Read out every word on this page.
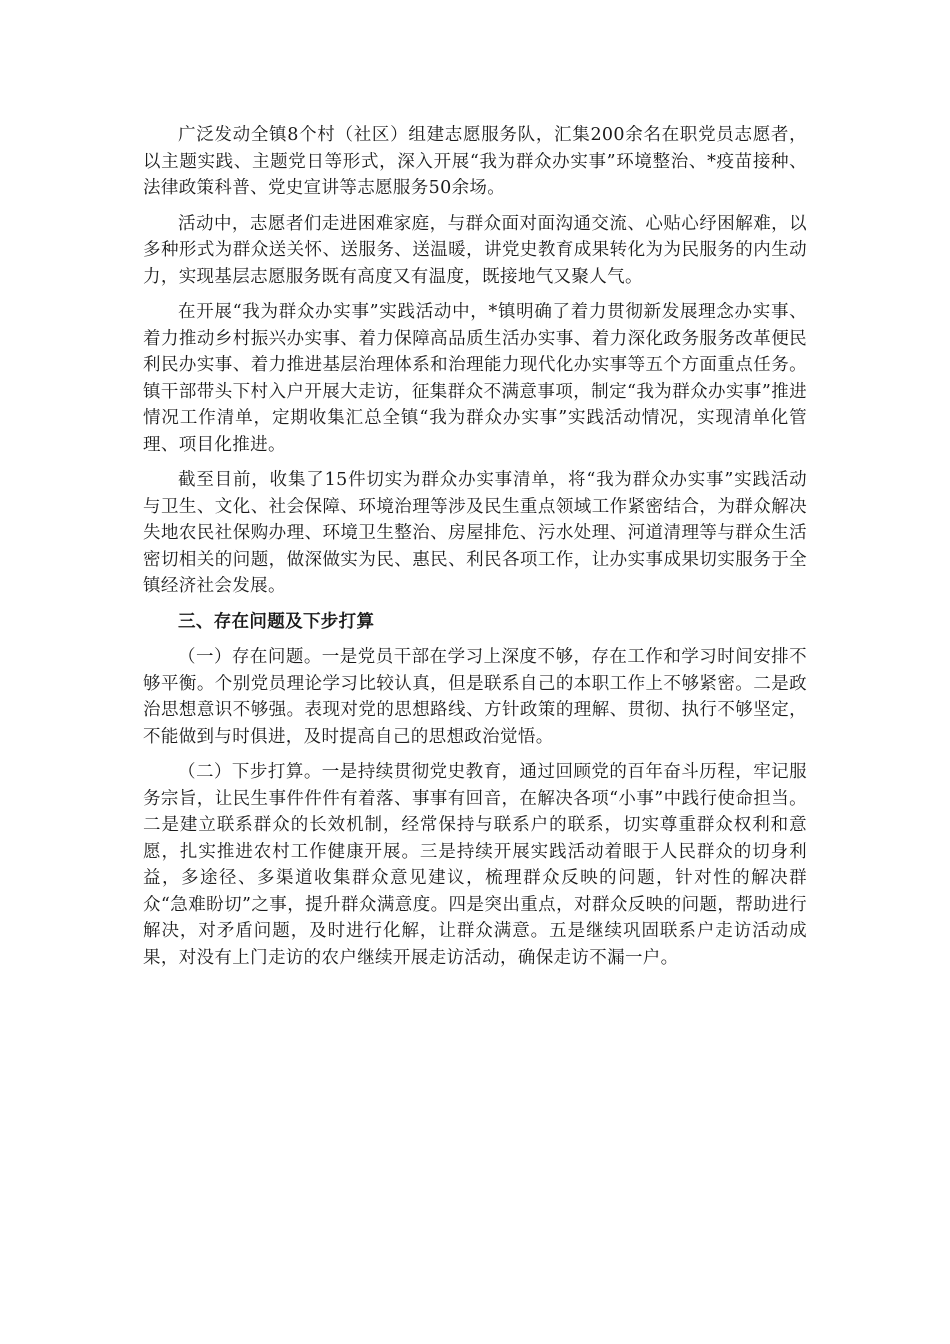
广泛发动全镇8个村（社区）组建志愿服务队，汇集200余名在职党员志愿者，以主题实践、主题党日等形式，深入开展“我为群众办实事”环境整治、*疫苗接种、法律政策科普、党史宣讲等志愿服务50余场。

活动中，志愿者们走进困难家庭，与群众面对面沟通交流、心贴心纾困解难，以多种形式为群众送关怀、送服务、送温暖，讲党史教育成果转化为为民服务的内生动力，实现基层志愿服务既有高度又有温度，既接地气又聚人气。

在开展“我为群众办实事”实践活动中，*镇明确了着力贯彻新发展理念办实事、着力推动乡村振兴办实事、着力保障高品质生活办实事、着力深化政务服务改革便民利民办实事、着力推进基层治理体系和治理能力现代化办实事等五个方面重点任务。镇干部带头下村入户开展大走访，征集群众不满意事项，制定“我为群众办实事”推进情况工作清单，定期收集汇总全镇“我为群众办实事”实践活动情况，实现清单化管理、项目化推进。

截至目前，收集了15件切实为群众办实事清单，将“我为群众办实事”实践活动与卫生、文化、社会保障、环境治理等涉及民生重点领域工作紧密结合，为群众解决失地农民社保购办理、环境卫生整治、房屋排危、污水处理、河道清理等与群众生活密切相关的问题，做深做实为民、惠民、利民各项工作，让办实事成果切实服务于全镇经济社会发展。

三、存在问题及下步打算

（一）存在问题。一是党员干部在学习上深度不够，存在工作和学习时间安排不够平衡。个别党员理论学习比较认真，但是联系自己的本职工作上不够紧密。二是政治思想意识不够强。表现对党的思想路线、方针政策的理解、贯彻、执行不够坚定，不能做到与时俱进，及时提高自己的思想政治觉悟。

（二）下步打算。一是持续贯彻党史教育，通过回顾党的百年奋斗历程，牢记服务宗旨，让民生事件件件有着落、事事有回音，在解决各项“小事”中践行使命担当。二是建立联系群众的长效机制，经常保持与联系户的联系，切实尊重群众权利和意愿，扎实推进农村工作健康开展。三是持续开展实践活动着眼于人民群众的切身利益，多途径、多渠道收集群众意见建议，梳理群众反映的问题，针对性的解决群众“急难盼切”之事，提升群众满意度。四是突出重点，对群众反映的问题，帮助进行解决，对矛盾问题，及时进行化解，让群众满意。五是继续巩固联系户走访活动成果，对没有上门走访的农户继续开展走访活动，确保走访不漏一户。
